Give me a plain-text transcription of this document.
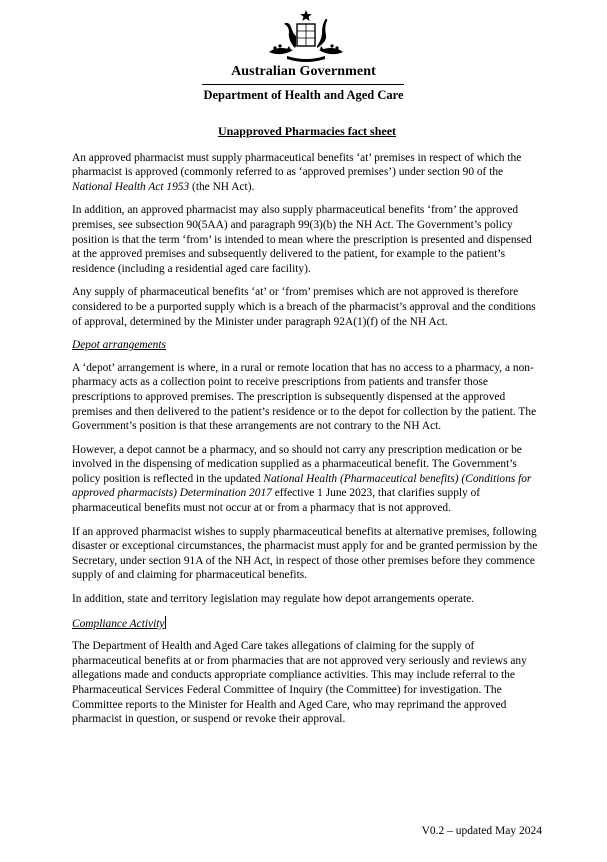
Australian Government
Department of Health and Aged Care
Unapproved Pharmacies fact sheet

An approved pharmacist must supply pharmaceutical benefits ‘at’ premises in respect of which the pharmacist is approved (commonly referred to as ‘approved premises’) under section 90 of the National Health Act 1953 (the NH Act).

In addition, an approved pharmacist may also supply pharmaceutical benefits ‘from’ the approved premises, see subsection 90(5AA) and paragraph 99(3)(b) the NH Act. The Government’s policy position is that the term ‘from’ is intended to mean where the prescription is presented and dispensed at the approved premises and subsequently delivered to the patient, for example to the patient’s residence (including a residential aged care facility).

Any supply of pharmaceutical benefits ‘at’ or ‘from’ premises which are not approved is therefore considered to be a purported supply which is a breach of the pharmacist’s approval and the conditions of approval, determined by the Minister under paragraph 92A(1)(f) of the NH Act.

Depot arrangements

A ‘depot’ arrangement is where, in a rural or remote location that has no access to a pharmacy, a non-pharmacy acts as a collection point to receive prescriptions from patients and transfer those prescriptions to approved premises. The prescription is subsequently dispensed at the approved premises and then delivered to the patient’s residence or to the depot for collection by the patient. The Government’s position is that these arrangements are not contrary to the NH Act.

However, a depot cannot be a pharmacy, and so should not carry any prescription medication or be involved in the dispensing of medication supplied as a pharmaceutical benefit. The Government’s policy position is reflected in the updated National Health (Pharmaceutical benefits) (Conditions for approved pharmacists) Determination 2017 effective 1 June 2023, that clarifies supply of pharmaceutical benefits must not occur at or from a pharmacy that is not approved.

If an approved pharmacist wishes to supply pharmaceutical benefits at alternative premises, following disaster or exceptional circumstances, the pharmacist must apply for and be granted permission by the Secretary, under section 91A of the NH Act, in respect of those other premises before they commence supply of and claiming for pharmaceutical benefits.

In addition, state and territory legislation may regulate how depot arrangements operate.

Compliance Activity

The Department of Health and Aged Care takes allegations of claiming for the supply of pharmaceutical benefits at or from pharmacies that are not approved very seriously and reviews any allegations made and conducts appropriate compliance activities. This may include referral to the Pharmaceutical Services Federal Committee of Inquiry (the Committee) for investigation. The Committee reports to the Minister for Health and Aged Care, who may reprimand the approved pharmacist in question, or suspend or revoke their approval.

V0.2 – updated May 2024
